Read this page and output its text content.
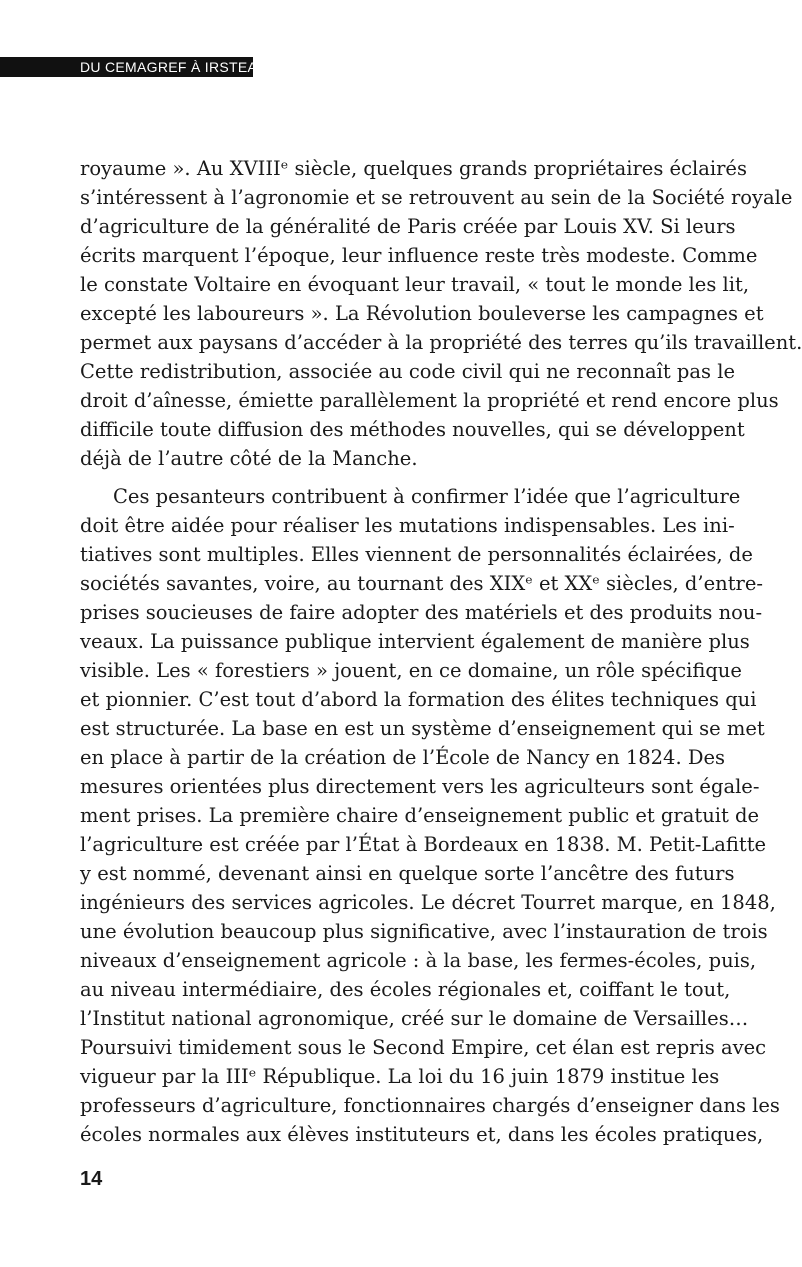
DU CEMAGREF À IRSTEA
royaume ». Au XVIIIᵉ siècle, quelques grands propriétaires éclairés
s’intéressent à l’agronomie et se retrouvent au sein de la Société royale
d’agriculture de la généralité de Paris créée par Louis XV. Si leurs
écrits marquent l’époque, leur influence reste très modeste. Comme
le constate Voltaire en évoquant leur travail, « tout le monde les lit,
excepté les laboureurs ». La Révolution bouleverse les campagnes et
permet aux paysans d’accéder à la propriété des terres qu’ils travaillent.
Cette redistribution, associée au code civil qui ne reconnaît pas le
droit d’aînesse, émiette parallèlement la propriété et rend encore plus
difficile toute diffusion des méthodes nouvelles, qui se développent
déjà de l’autre côté de la Manche.
Ces pesanteurs contribuent à confirmer l’idée que l’agriculture
doit être aidée pour réaliser les mutations indispensables. Les ini-
tiatives sont multiples. Elles viennent de personnalités éclairées, de
sociétés savantes, voire, au tournant des XIXᵉ et XXᵉ siècles, d’entre-
prises soucieuses de faire adopter des matériels et des produits nou-
veaux. La puissance publique intervient également de manière plus
visible. Les « forestiers » jouent, en ce domaine, un rôle spécifique
et pionnier. C’est tout d’abord la formation des élites techniques qui
est structurée. La base en est un système d’enseignement qui se met
en place à partir de la création de l’École de Nancy en 1824. Des
mesures orientées plus directement vers les agriculteurs sont égale-
ment prises. La première chaire d’enseignement public et gratuit de
l’agriculture est créée par l’État à Bordeaux en 1838. M. Petit-Lafitte
y est nommé, devenant ainsi en quelque sorte l’ancêtre des futurs
ingénieurs des services agricoles. Le décret Tourret marque, en 1848,
une évolution beaucoup plus significative, avec l’instauration de trois
niveaux d’enseignement agricole : à la base, les fermes-écoles, puis,
au niveau intermédiaire, des écoles régionales et, coiffant le tout,
l’Institut national agronomique, créé sur le domaine de Versailles…
Poursuivi timidement sous le Second Empire, cet élan est repris avec
vigueur par la IIIᵉ République. La loi du 16 juin 1879 institue les
professeurs d’agriculture, fonctionnaires chargés d’enseigner dans les
écoles normales aux élèves instituteurs et, dans les écoles pratiques,
14
